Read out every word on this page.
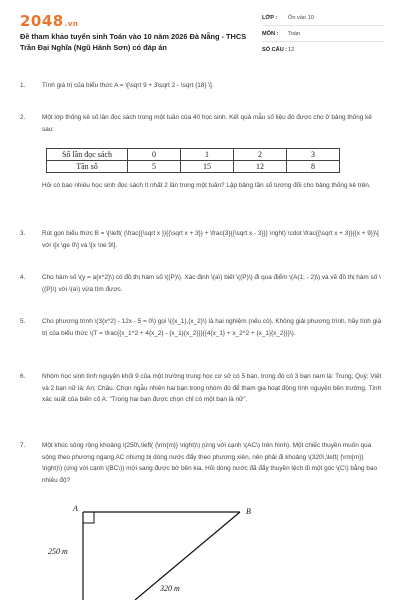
2048.vn
Đề tham khảo tuyển sinh Toán vào 10 năm 2026 Đà Nẵng - THCS Trần Đại Nghĩa (Ngũ Hành Sơn) có đáp án
LỚP : Ôn vào 10
MÔN : Toán
SỐ CÂU : 12
1.	Tính giá trị của biểu thức A = \[\sqrt 9 + 3\sqrt 2 - \sqrt {18} \].
2.	Một lớp thống kê số lần đọc sách trong một tuần của 40 học sinh. Kết quả mẫu số liệu đó được cho ở bảng thống kê sau:
Số lần đọc sách	0	1	2	3
Tần số	5	15	12	8
Hỏi có bao nhiêu học sinh đọc sách ít nhất 2 lần trong một tuần? Lập bảng tần số tương đối cho bảng thống kê trên.
3.	Rút gọn biểu thức B = \[\left( {\frac{{\sqrt x }}{{\sqrt x + 3}} + \frac{3}{{\sqrt x - 3}}} \right) \cdot \frac{{\sqrt x + 3}}{{x + 9}}\] với \[x \ge 0\] và \[x \ne 9\].
4.	Cho hàm số \(y = a{x^2}\) có đồ thị hàm số \((P)\). Xác định \(a\) biết \((P)\) đi qua điểm \(A(1; - 2)\) và vẽ đồ thị hàm số \((P)\) với \(a\) vừa tìm được.
5.	Cho phương trình \(3{x^2} - 12x - 5 = 0\) gọi \({x_1},{x_2}\) là hai nghiệm (nếu có). Không giải phương trình, hãy tính giá trị của biểu thức \(T = \frac{{x_1^2 + 4{x_2} - {x_1}{x_2}}}{{4{x_1} + x_2^2 + {x_1}{x_2}}}\).
6.	Nhóm học sinh tình nguyện khối 9 của một trường trung học cơ sở có 5 bạn, trong đó có 3 bạn nam là: Trung; Quý; Việt và 2 bạn nữ là: An; Châu. Chọn ngẫu nhiên hai bạn trong nhóm đó để tham gia hoạt động tình nguyện bên trường. Tính xác suất của biến cố A: "Trong hai bạn được chọn chỉ có một bạn là nữ".
7.	Một khúc sông rộng khoảng \(250\,\left( {\rm{m}} \right)\) (ứng với cạnh \(AC\) trên hình). Một chiếc thuyền muốn qua sông theo phương ngang AC nhưng bị dòng nước đẩy theo phương xiên, nên phải đi khoảng \(320\,\left( {\rm{m}} \right)\) (ứng với cạnh \(BC\)) mới sang được bờ bên kia. Hỏi dòng nước đã đẩy thuyền lệch đi một góc \(C\) bằng bao nhiêu độ?
A	B
250 m
320 m
